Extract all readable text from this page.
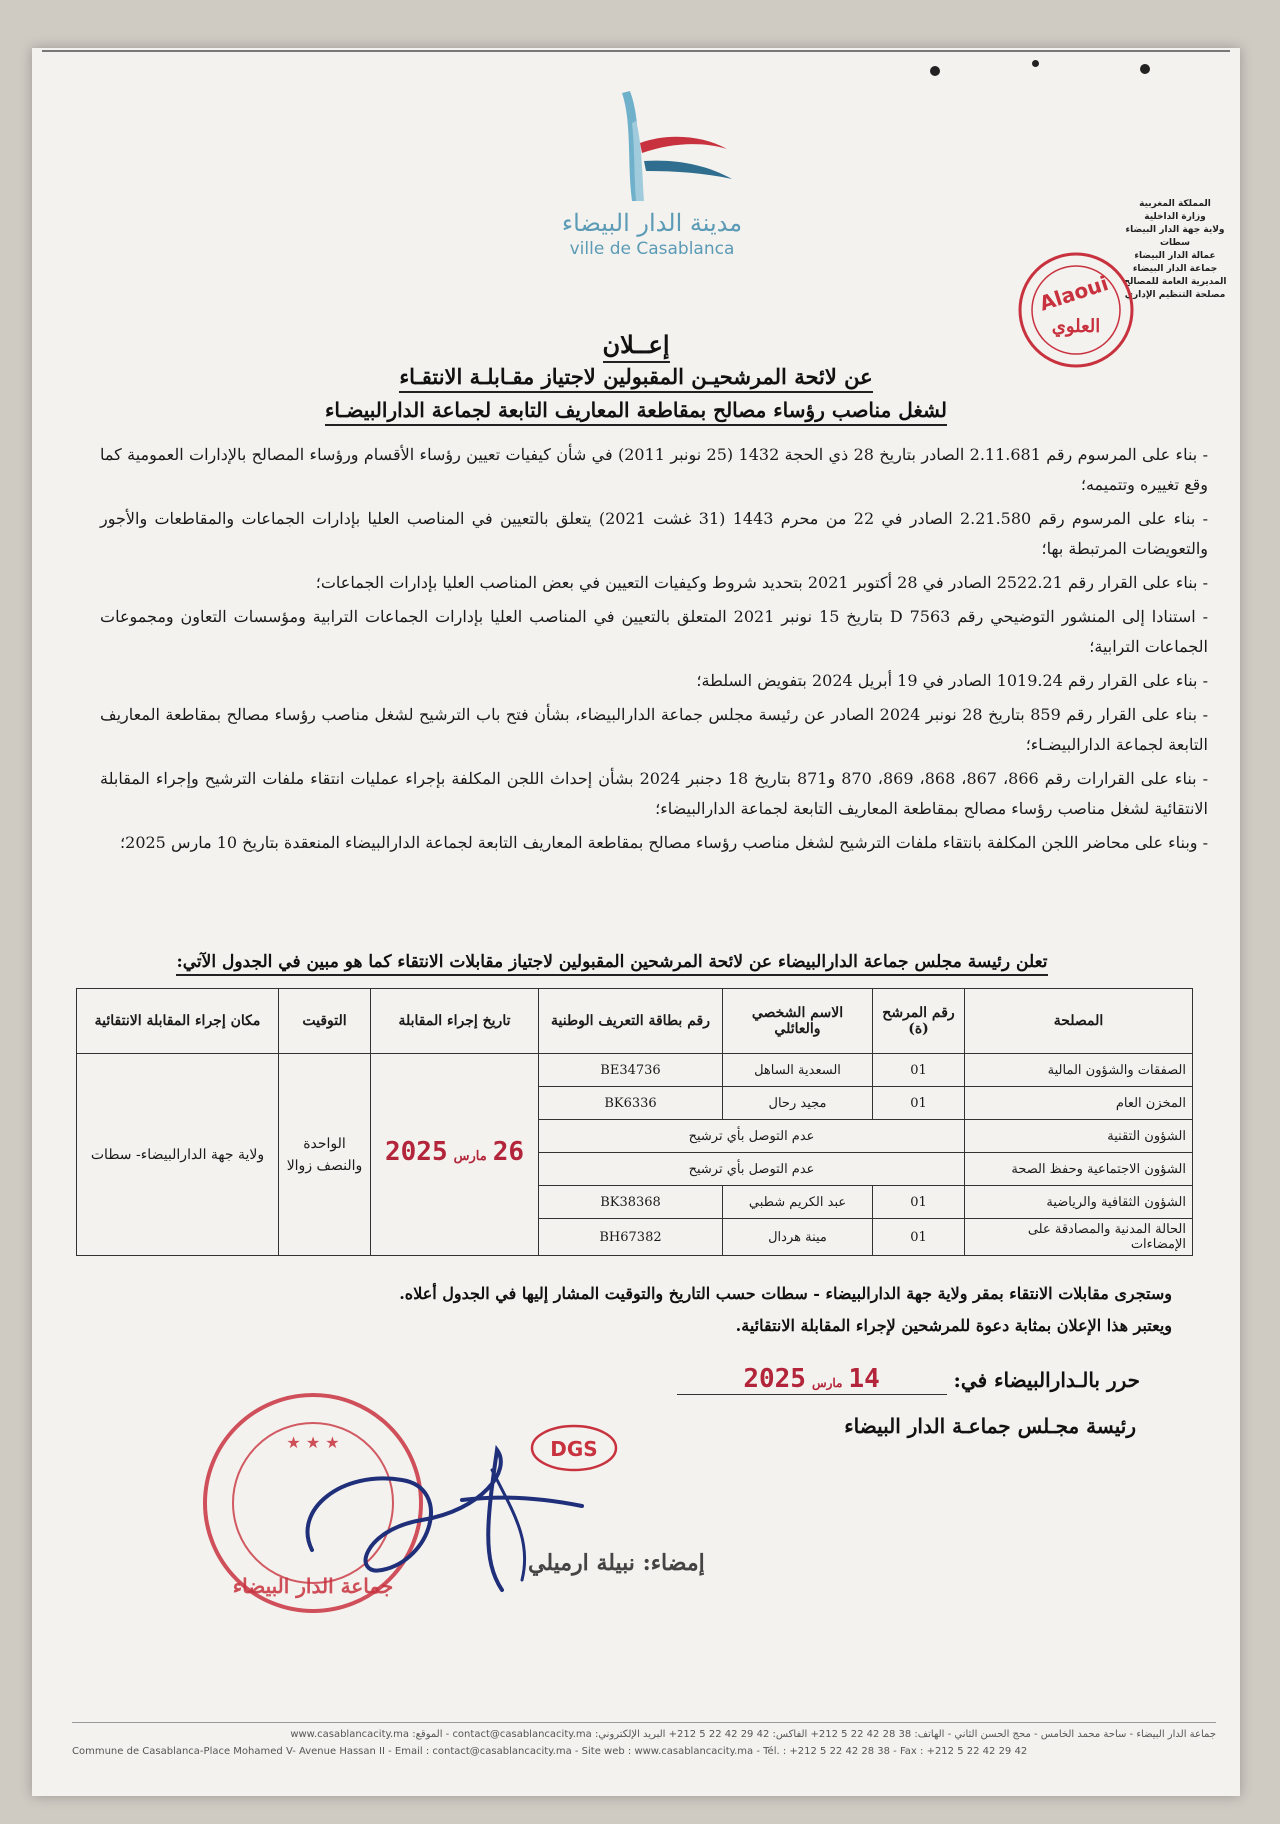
مدينة الدار البيضاء
ville de Casablanca
المملكة المغربية
وزارة الداخلية
ولاية جهة الدار البيضاء سطات
عمالة الدار البيضاء
جماعة الدار البيضاء
المديرية العامة للمصالح
مصلحة التنظيم الإداري
Alaoui
العلوي
إعــلان
عن لائحة المرشحيـن المقبولين لاجتياز مقـابلـة الانتقـاء
لشغل مناصب رؤساء مصالح بمقاطعة المعاريف التابعة لجماعة الدارالبيضـاء

- بناء على المرسوم رقم 2.11.681 الصادر بتاريخ 28 ذي الحجة 1432 (25 نونبر 2011) في شأن كيفيات تعيين رؤساء الأقسام ورؤساء المصالح بالإدارات العمومية كما وقع تغييره وتتميمه؛

- بناء على المرسوم رقم 2.21.580 الصادر في 22 من محرم 1443 (31 غشت 2021) يتعلق بالتعيين في المناصب العليا بإدارات الجماعات والمقاطعات والأجور والتعويضات المرتبطة بها؛

- بناء على القرار رقم 2522.21 الصادر في 28 أكتوبر 2021 بتحديد شروط وكيفيات التعيين في بعض المناصب العليا بإدارات الجماعات؛

- استنادا إلى المنشور التوضيحي رقم D 7563 بتاريخ 15 نونبر 2021 المتعلق بالتعيين في المناصب العليا بإدارات الجماعات الترابية ومؤسسات التعاون ومجموعات الجماعات الترابية؛

- بناء على القرار رقم 1019.24 الصادر في 19 أبريل 2024 بتفويض السلطة؛

- بناء على القرار رقم 859 بتاريخ 28 نونبر 2024 الصادر عن رئيسة مجلس جماعة الدارالبيضاء، بشأن فتح باب الترشيح لشغل مناصب رؤساء مصالح بمقاطعة المعاريف التابعة لجماعة الدارالبيضـاء؛

- بناء على القرارات رقم 866، 867، 868، 869، 870 و871 بتاريخ 18 دجنبر 2024 بشأن إحداث اللجن المكلفة بإجراء عمليات انتقاء ملفات الترشيح وإجراء المقابلة الانتقائية لشغل مناصب رؤساء مصالح بمقاطعة المعاريف التابعة لجماعة الدارالبيضاء؛

- وبناء على محاضر اللجن المكلفة بانتقاء ملفات الترشيح لشغل مناصب رؤساء مصالح بمقاطعة المعاريف التابعة لجماعة الدارالبيضاء المنعقدة بتاريخ 10 مارس 2025؛

تعلن رئيسة مجلس جماعة الدارالبيضاء عن لائحة المرشحين المقبولين لاجتياز مقابلات الانتقاء كما هو مبين في الجدول الآتي:
المصلحة	رقم المرشح (ة)	الاسم الشخصي والعائلي	رقم بطاقة التعريف الوطنية	تاريخ إجراء المقابلة	التوقيت	مكان إجراء المقابلة الانتقائية
الصفقات والشؤون المالية	01	السعدية الساهل	BE34736	26مارس2025	الواحدة والنصف زوالا	ولاية جهة الدارالبيضاء- سطات
المخزن العام	01	مجيد رحال	BK6336			
الشؤون التقنية	عدم التوصل بأي ترشيح					
الشؤون الاجتماعية وحفظ الصحة	عدم التوصل بأي ترشيح					
الشؤون الثقافية والرياضية	01	عبد الكريم شطبي	BK38368			
الحالة المدنية والمصادقة على الإمضاءات	01	مينة هردال	BH67382			
وستجرى مقابلات الانتقاء بمقر ولاية جهة الدارالبيضاء - سطات حسب التاريخ والتوقيت المشار إليها في الجدول أعلاه.
ويعتبر هذا الإعلان بمثابة دعوة للمرشحين لإجراء المقابلة الانتقائية.
حرر بالـدارالبيضاء في: 14مارس2025
رئيسة مجـلس جماعـة الدار البيضاء
★ ★ ★
جماعة الدار البيضاء
DGS
إمضاء: نبيلة ارميلي
جماعة الدار البيضاء - ساحة محمد الخامس - محج الحسن الثاني - الهاتف: 38 28 42 22 5 212+ الفاكس: 42 29 42 22 5 212+ البريد الإلكتروني: contact@casablancacity.ma - الموقع: www.casablancacity.ma
Commune de Casablanca-Place Mohamed V- Avenue Hassan II - Email : contact@casablancacity.ma - Site web : www.casablancacity.ma - Tél. : +212 5 22 42 28 38 - Fax : +212 5 22 42 29 42
